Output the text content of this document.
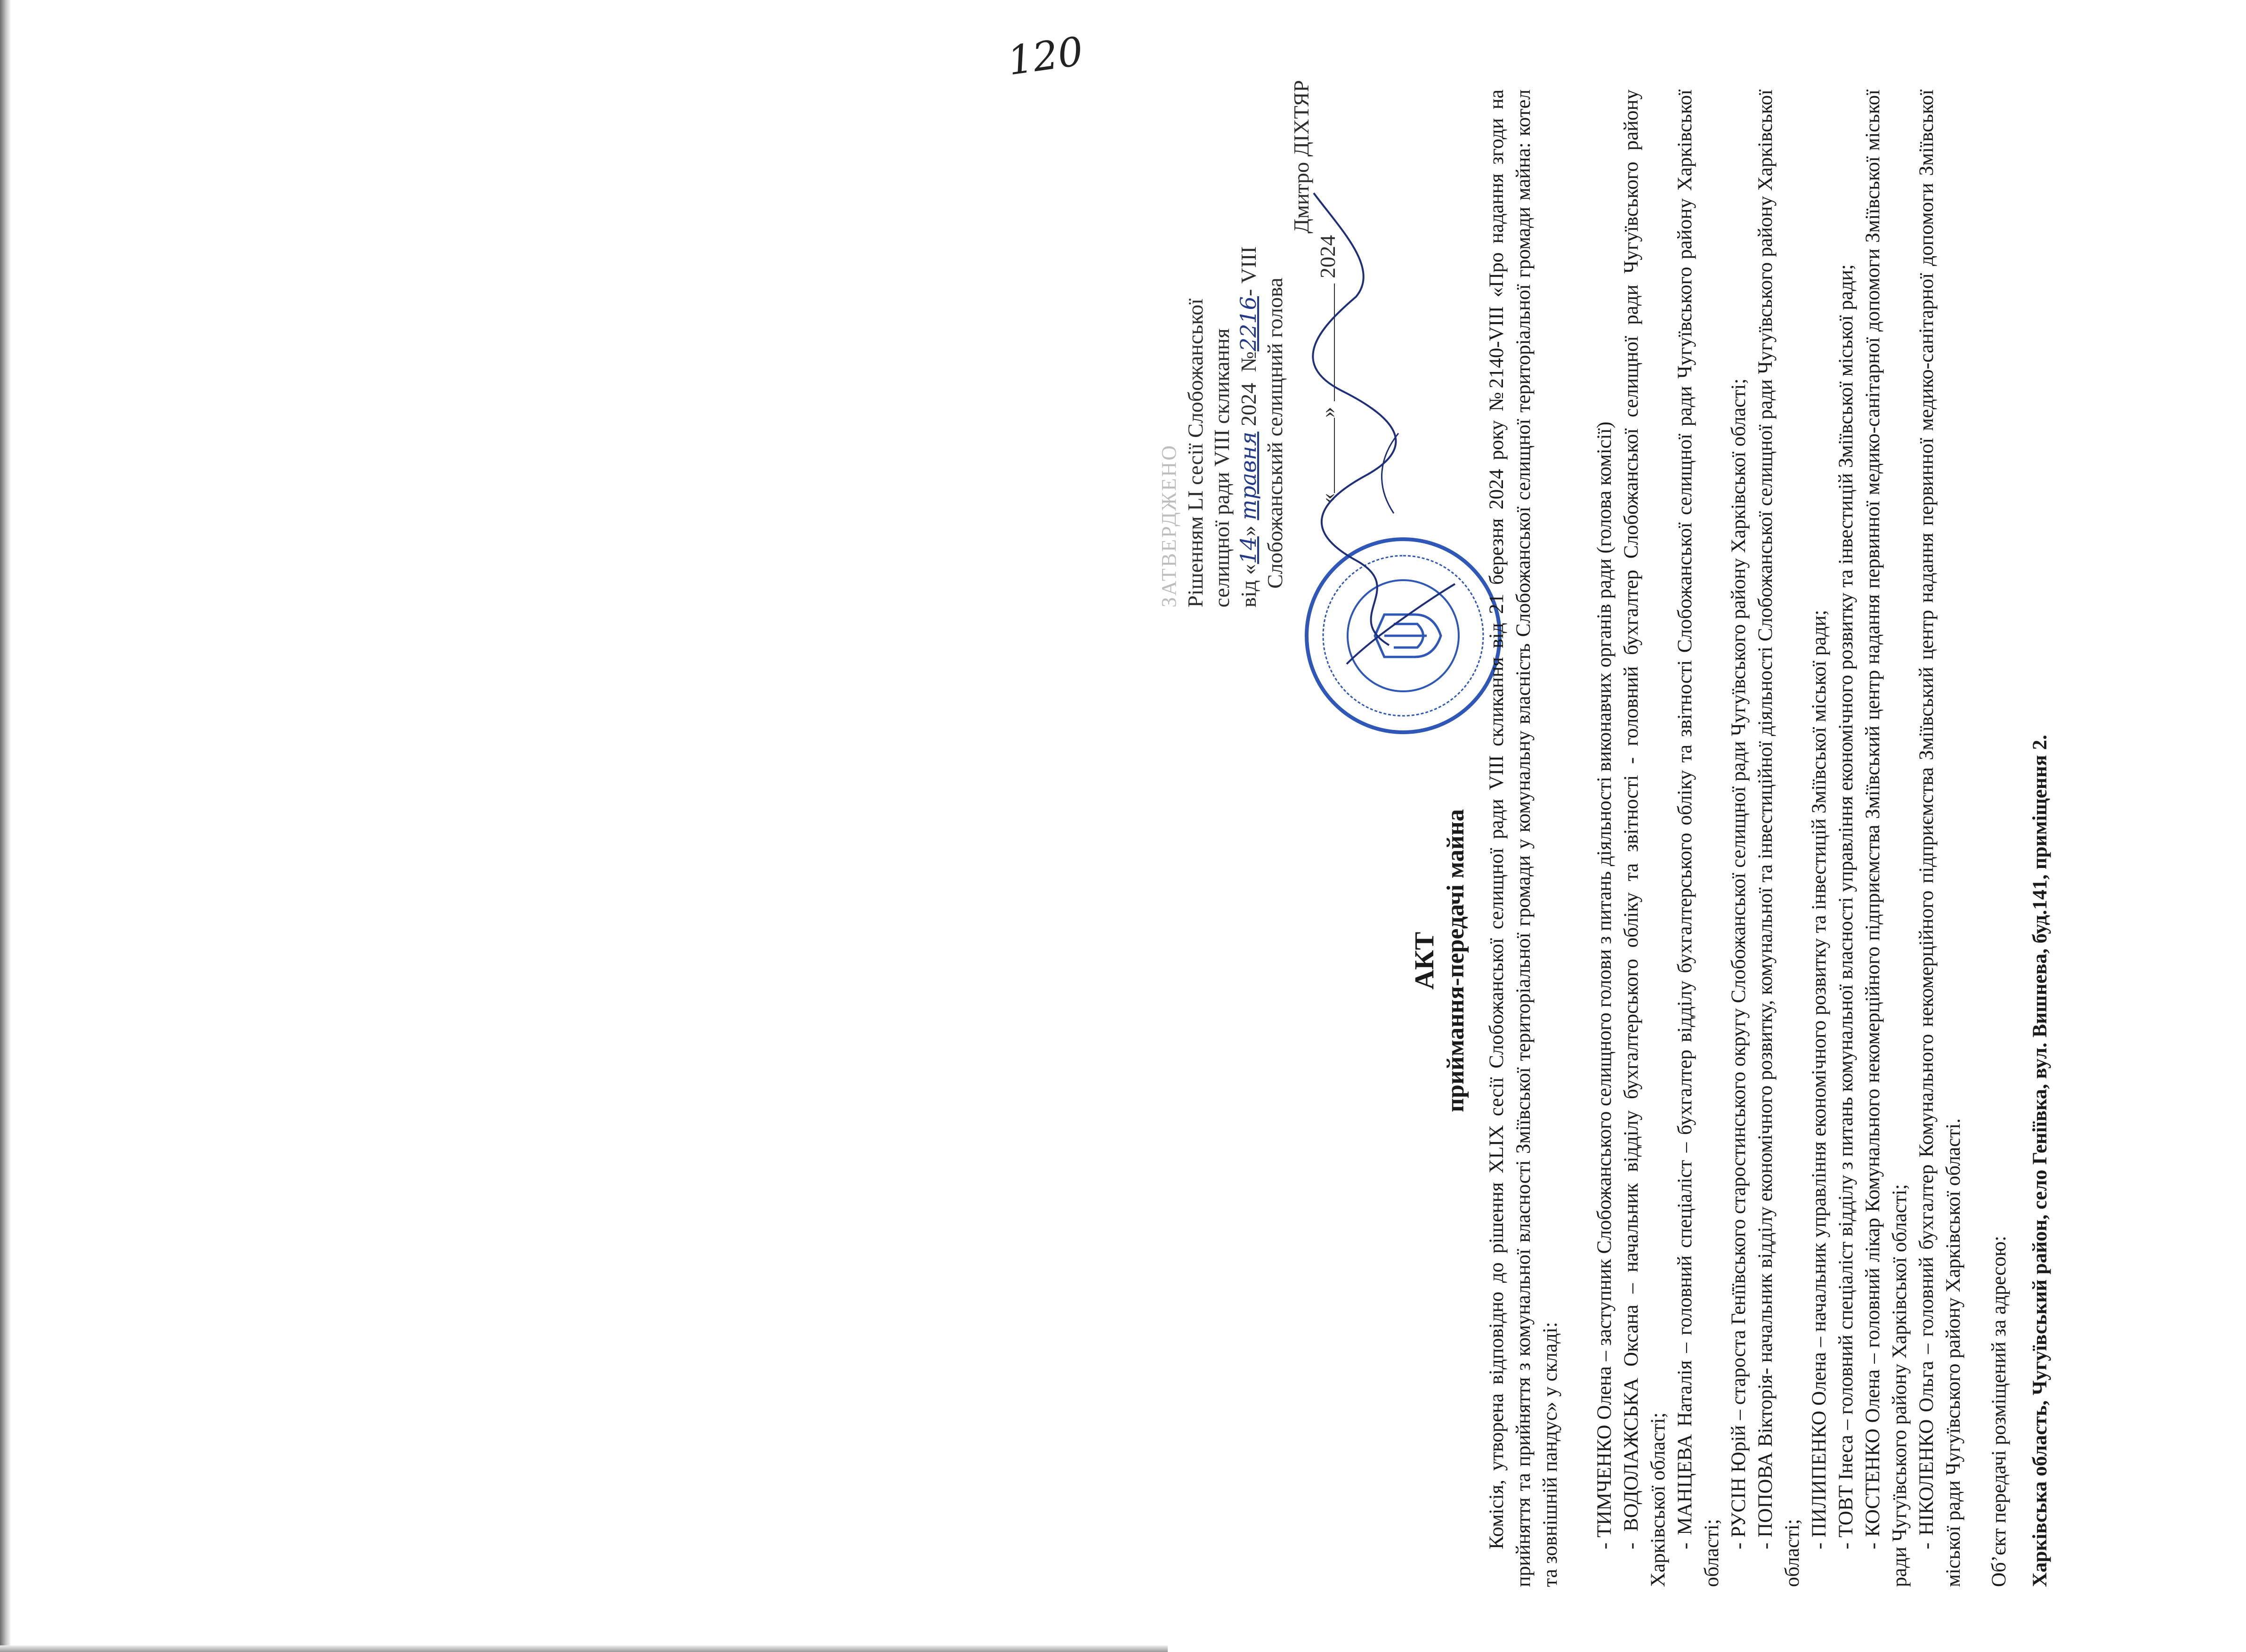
120
ЗАТВЕРДЖЕНО Рішенням LI сесії Слобожанської селищної ради VIII скликання від «14» травня 2024  №2216- VIII
Слобожанський селищний голова
Дмитро ДІХТЯР
«»  2024
АКТ приймання-передачі майна Комісія, утворена відповідно до рішення XLIX сесії Слобожанської селищної ради VIII скликання від 21 березня 2024 року №2140-VIII «Про надання згоди на прийняття та прийняття з комунальної власності Зміївської територіальної громади у комунальну власність Слобожанської селищної територіальної громади майна: котел та зовнішній пандус» у складі: - ТИМЧЕНКО Олена – заступник Слобожанського селищного голови з питань діяльності виконавчих органів ради (голова комісії) - ВОДОЛАЖСЬКА Оксана – начальник відділу бухгалтерського обліку та звітності - головний бухгалтер Слобожанської селищної ради Чугуївського району Харківської області; - МАНЦЕВА Наталія – головний спеціаліст – бухгалтер відділу бухгалтерського обліку та звітності Слобожанської селищної ради Чугуївського району Харківської області;

- РУСІН Юрій – староста Генїївського старостинського округу Слобожанської селищної ради Чугуївського району Харківської області; - ПОПОВА Вікторія- начальник відділу економічного розвитку, комунальної та інвестиційної діяльності Слобожанської селищної ради Чугуївського району Харківської області;

- ПИЛИПЕНКО Олена – начальник управління економічного розвитку та інвестицій Зміївської міської ради; - ТОВТ Інеса – головний спеціаліст відділу з питань комунальної власності управління економічного розвитку та інвестицій Зміївської міської ради; - КОСТЕНКО Олена – головний лікар Комунального некомерційного підприємства Зміївський центр надання первинної медико-санітарної допомоги Зміївської міської ради Чугуївського району Харківської області; - НІКОЛЕНКО Ольга – головний бухгалтер Комунального некомерційного підприємства Зміївський центр надання первинної медико-санітарної допомоги Зміївської міської ради Чугуївського району Харківської області. Об’єкт передачі розміщений за адресою: Харківська область, Чугуївський район, село Геніївка, вул. Вишнева, буд.141, приміщення 2.
